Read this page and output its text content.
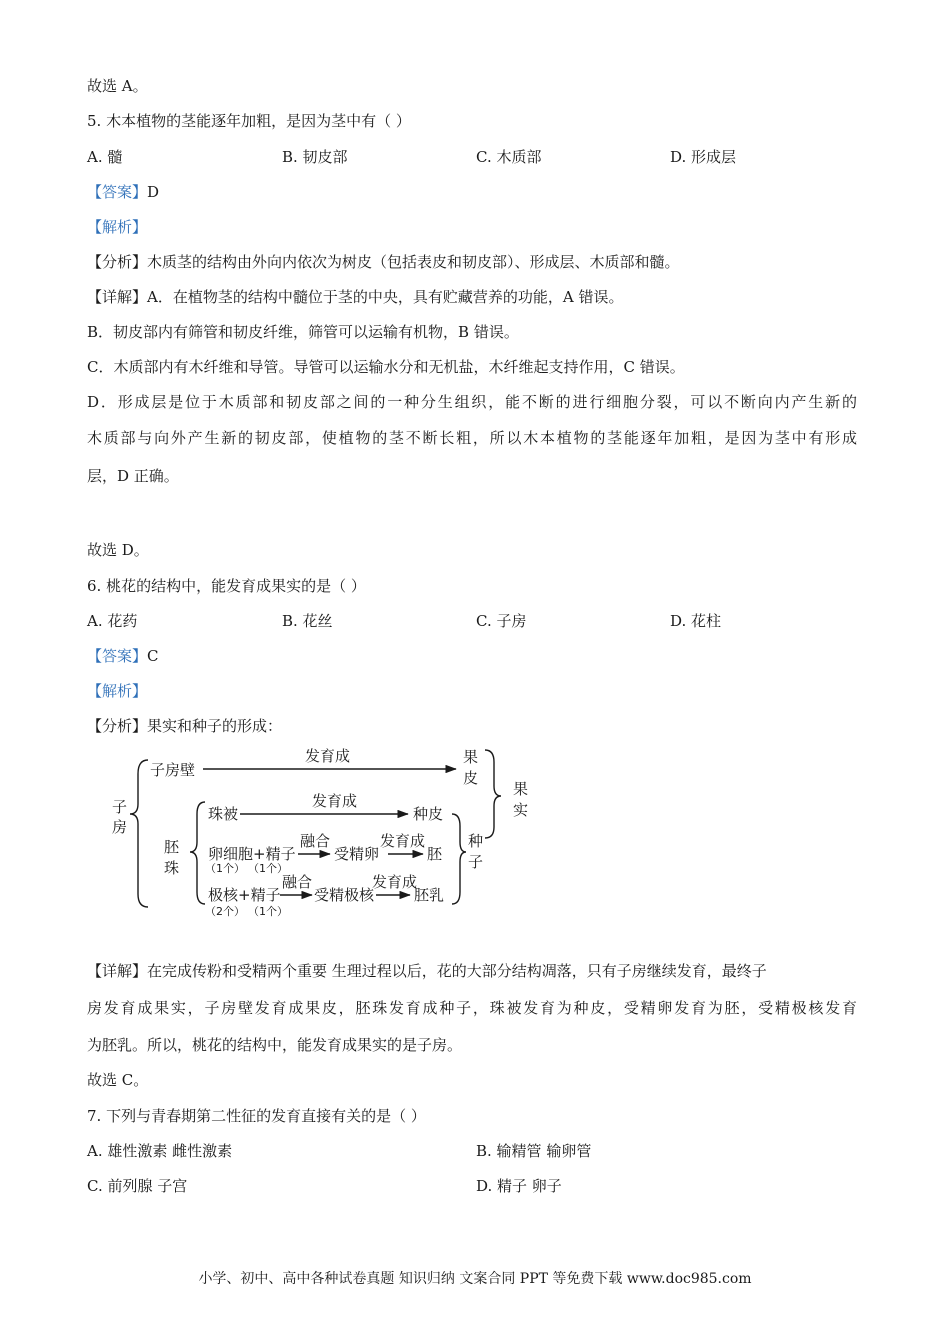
故选 A。
5. 木本植物的茎能逐年加粗，是因为茎中有（ ）
A. 髓	B. 韧皮部	C. 木质部	D. 形成层
【答案】D
【解析】
【分析】木质茎的结构由外向内依次为树皮（包括表皮和韧皮部）、形成层、木质部和髓。
【详解】A．在植物茎的结构中髓位于茎的中央，具有贮藏营养的功能，A 错误。
B．韧皮部内有筛管和韧皮纤维，筛管可以运输有机物，B 错误。
C．木质部内有木纤维和导管。导管可以运输水分和无机盐，木纤维起支持作用，C 错误。
D．形成层是位于木质部和韧皮部之间的一种分生组织，能不断的进行细胞分裂，可以不断向内产生新的
木质部与向外产生新的韧皮部，使植物的茎不断长粗，所以木本植物的茎能逐年加粗，是因为茎中有形成
层，D 正确。
故选 D。
6. 桃花的结构中，能发育成果实的是（ ）
A. 花药	B. 花丝	C. 子房	D. 花柱
【答案】C
【解析】
【分析】果实和种子的形成：
子
房
子房壁
发育成	果
皮
果
实
胚
珠
珠被
发育成
种皮
种
子
卵细胞+精子
融合
受精卵
发育成
胚
极核+精子
融合
受精极核
发育成
胚乳
（1个） （1个）
（2个） （1个）
【详解】在完成传粉和受精两个重要 生理过程以后，花的大部分结构凋落，只有子房继续发育，最终子
房发育成果实，子房壁发育成果皮，胚珠发育成种子，珠被发育为种皮，受精卵发育为胚，受精极核发育
为胚乳。所以，桃花的结构中，能发育成果实的是子房。
故选 C。
7. 下列与青春期第二性征的发育直接有关的是（ ）
A. 雄性激素 雌性激素	B. 输精管 输卵管
C. 前列腺 子宫	D. 精子 卵子
小学、初中、高中各种试卷真题 知识归纳 文案合同 PPT 等免费下载 www.doc985.com
